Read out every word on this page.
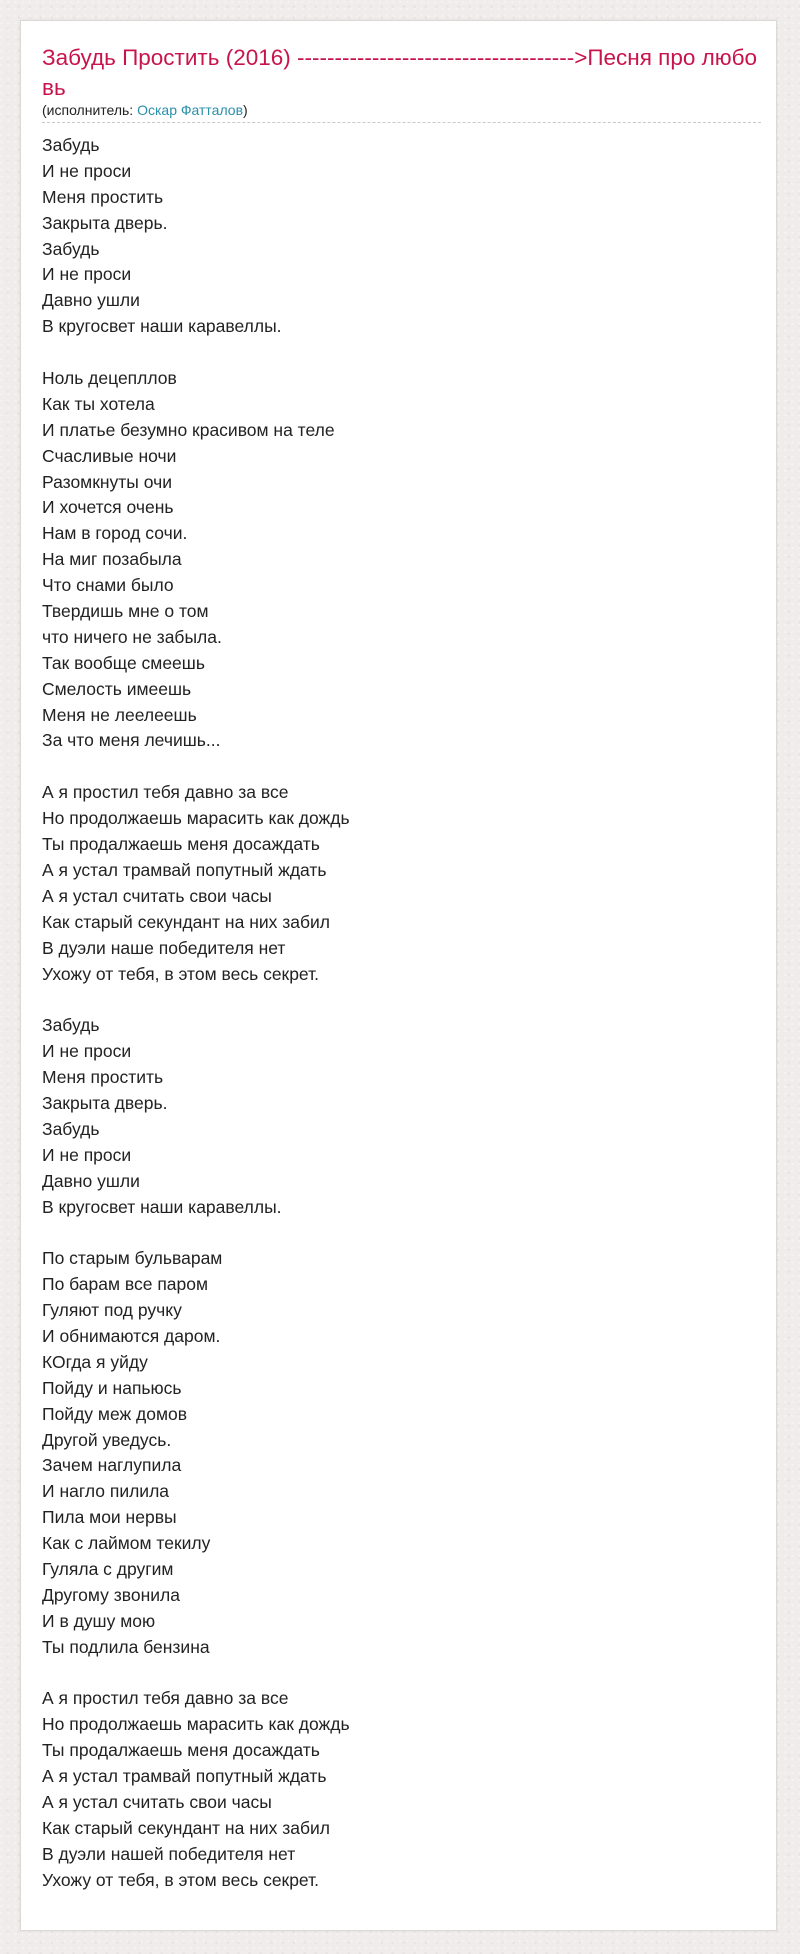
Забудь Простить (2016) ------------------------------------->Песня про любовь
(исполнитель: Оскар Фатталов)
Забудь
И не проси
Меня простить
Закрыта дверь.
Забудь
И не проси
Давно ушли
В кругосвет наши каравеллы.
Ноль децепллов
Как ты хотела
И платье безумно красивом на теле
Счасливые ночи
Разомкнуты очи
И хочется очень
Нам в город сочи.
На миг позабыла
Что снами было
Твердишь мне о том
что ничего не забыла.
Так вообще смеешь
Смелость имеешь
Меня не леелеешь
За что меня лечишь...
А я простил тебя давно за все
Но продолжаешь марасить как дождь
Ты продалжаешь меня досаждать
А я устал трамвай попутный ждать
А я устал считать свои часы
Как старый секундант на них забил
В дуэли наше победителя нет
Ухожу от тебя, в этом весь секрет.
Забудь
И не проси
Меня простить
Закрыта дверь.
Забудь
И не проси
Давно ушли
В кругосвет наши каравеллы.
По старым бульварам
По барам все паром
Гуляют под ручку
И обнимаются даром.
КОгда я уйду
Пойду и напьюсь
Пойду меж домов
Другой уведусь.
Зачем наглупила
И нагло пилила
Пила мои нервы
Как с лаймом текилу
Гуляла с другим
Другому звонила
И в душу мою
Ты подлила бензина
А я простил тебя давно за все
Но продолжаешь марасить как дождь
Ты продалжаешь меня досаждать
А я устал трамвай попутный ждать
А я устал считать свои часы
Как старый секундант на них забил
В дуэли нашей победителя нет
Ухожу от тебя, в этом весь секрет.
